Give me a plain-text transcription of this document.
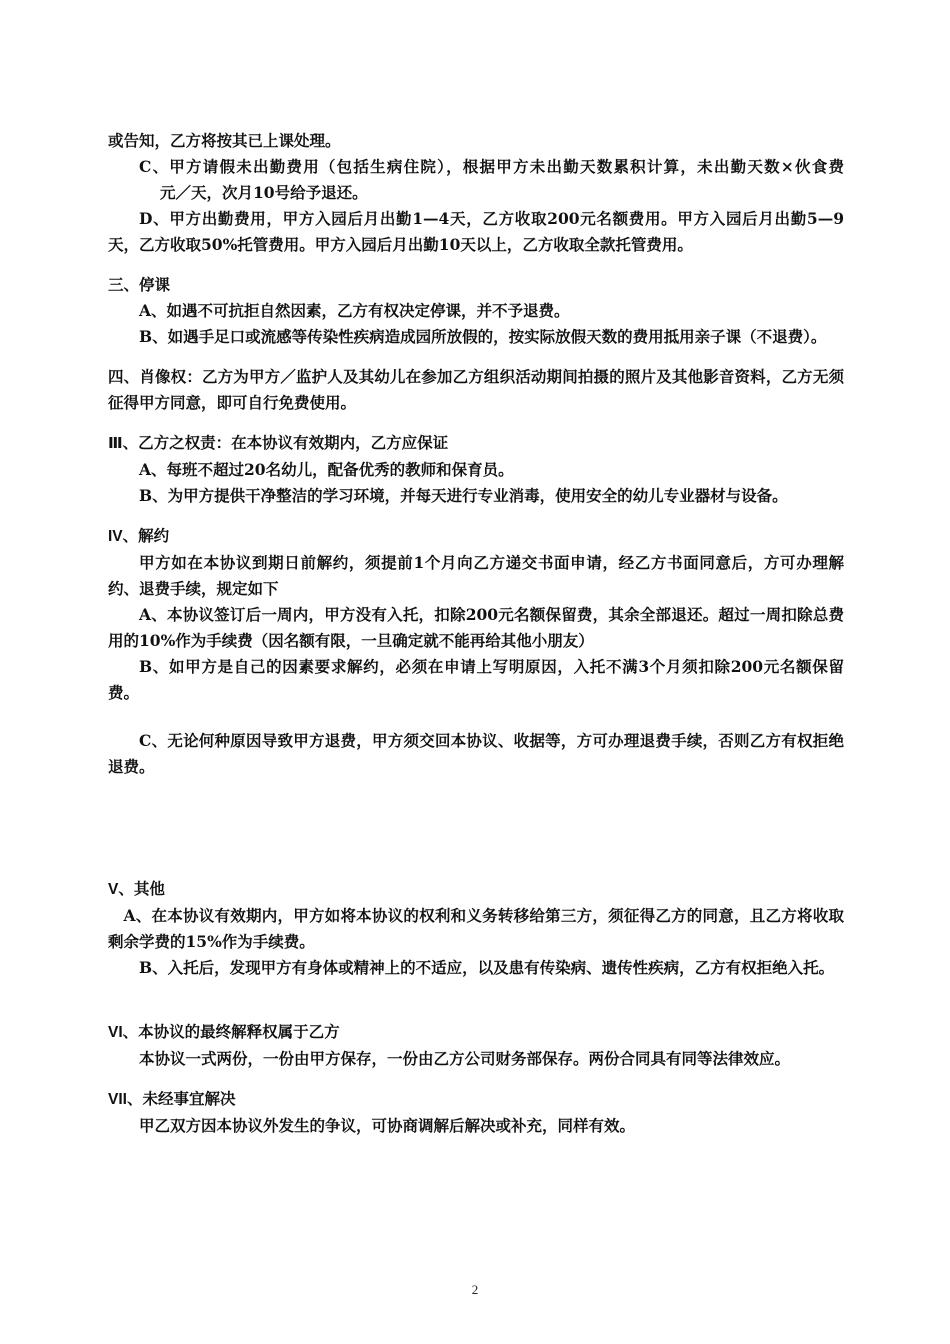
或告知，乙方将按其已上课处理。

C、甲方请假未出勤费用（包括生病住院），根据甲方未出勤天数累积计算，未出勤天数×伙食费元／天，次月10号给予退还。

D、甲方出勤费用，甲方入园后月出勤1—4天，乙方收取200元名额费用。甲方入园后月出勤5—9天，乙方收取50%托管费用。甲方入园后月出勤10天以上，乙方收取全款托管费用。

三、停课

A、如遇不可抗拒自然因素，乙方有权决定停课，并不予退费。

B、如遇手足口或流感等传染性疾病造成园所放假的，按实际放假天数的费用抵用亲子课（不退费）。

四、肖像权：乙方为甲方／监护人及其幼儿在参加乙方组织活动期间拍摄的照片及其他影音资料，乙方无须征得甲方同意，即可自行免费使用。

Ⅲ、乙方之权责：在本协议有效期内，乙方应保证

A、每班不超过20名幼儿，配备优秀的教师和保育员。

B、为甲方提供干净整洁的学习环境，并每天进行专业消毒，使用安全的幼儿专业器材与设备。

IV、解约

甲方如在本协议到期日前解约，须提前1个月向乙方递交书面申请，经乙方书面同意后，方可办理解约、退费手续，规定如下

A、本协议签订后一周内，甲方没有入托，扣除200元名额保留费，其余全部退还。超过一周扣除总费用的10%作为手续费（因名额有限，一旦确定就不能再给其他小朋友）

B、如甲方是自己的因素要求解约，必须在申请上写明原因，入托不满3个月须扣除200元名额保留费。

C、无论何种原因导致甲方退费，甲方须交回本协议、收据等，方可办理退费手续，否则乙方有权拒绝退费。

V、其他

A、在本协议有效期内，甲方如将本协议的权利和义务转移给第三方，须征得乙方的同意，且乙方将收取剩余学费的15%作为手续费。

B、入托后，发现甲方有身体或精神上的不适应，以及患有传染病、遗传性疾病，乙方有权拒绝入托。

VI、本协议的最终解释权属于乙方

本协议一式两份，一份由甲方保存，一份由乙方公司财务部保存。两份合同具有同等法律效应。

VII、未经事宜解决

甲乙双方因本协议外发生的争议，可协商调解后解决或补充，同样有效。

2
